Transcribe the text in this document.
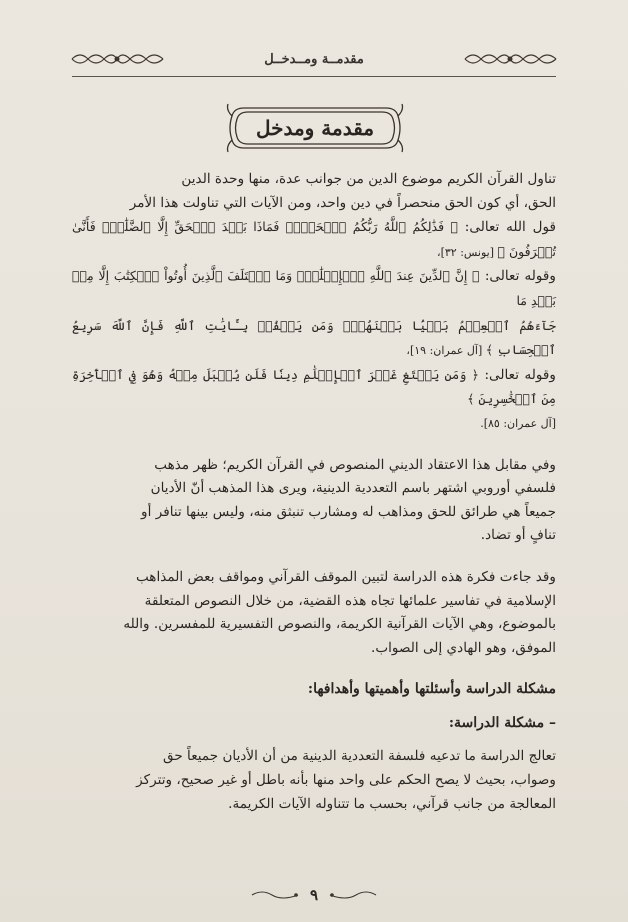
مقدمــة ومــدخــل
مقدمة ومدخل

تناول القرآن الكريم موضوع الدين من جوانب عدة، منها وحدة الدين

الحق، أي كون الحق منحصراً في دين واحد، ومن الآيات التي تناولت هذا الأمر

قول الله تعالى: ﴿ فَذَٰلِكُمُ ٱللَّهُ رَبُّكُمُ ٱلۡحَقُّۖ فَمَاذَا بَعۡدَ ٱلۡحَقِّ إِلَّا ٱلضَّلَٰلُۖ فَأَنَّىٰ تُصۡرَفُونَ ﴾ [يونس: ٣٢]،

وقوله تعالى: ﴿ إِنَّ ٱلدِّينَ عِندَ ٱللَّهِ ٱلۡإِسۡلَٰمُۗ وَمَا ٱخۡتَلَفَ ٱلَّذِينَ أُوتُواْ ٱلۡكِتَٰبَ إِلَّا مِنۢ بَعۡدِ مَا

جَآءَهُمُ ٱلۡعِلۡمُ بَغۡيَۢا بَيۡنَهُمۡۗ وَمَن يَكۡفُرۡ بِـَٔايَٰتِ ٱللَّهِ فَإِنَّ ٱللَّهَ سَرِيعُ ٱلۡحِسَابِ ﴾ [آل عمران: ١٩]،

وقوله تعالى: ﴿ وَمَن يَبۡتَغِ غَيۡرَ ٱلۡإِسۡلَٰمِ دِينٗا فَلَن يُقۡبَلَ مِنۡهُ وَهُوَ فِي ٱلۡأٓخِرَةِ مِنَ ٱلۡخَٰسِرِينَ ﴾

[آل عمران: ٨٥].

وفي مقابل هذا الاعتقاد الديني المنصوص في القرآن الكريم؛ ظهر مذهب

فلسفي أوروبي اشتهر باسم التعددية الدينية، ويرى هذا المذهب أنّ الأديان

جميعاً هي طرائق للحق ومذاهب له ومشارب تنبثق منه، وليس بينها تنافر أو

تنافٍ أو تضاد.

وقد جاءت فكرة هذه الدراسة لتبين الموقف القرآني ومواقف بعض المذاهب

الإسلامية في تفاسير علمائها تجاه هذه القضية، من خلال النصوص المتعلقة

بالموضوع، وهي الآيات القرآنية الكريمة، والنصوص التفسيرية للمفسرين. والله

الموفق، وهو الهادي إلى الصواب.

مشكلة الدراسة وأسئلتها وأهميتها وأهدافها:

– مشكلة الدراسة:

تعالج الدراسة ما تدعيه فلسفة التعددية الدينية من أن الأديان جميعاً حق

وصواب، بحيث لا يصح الحكم على واحد منها بأنه باطل أو غير صحيح، وتتركز

المعالجة من جانب قرآني، بحسب ما تتناوله الآيات الكريمة.

٩
